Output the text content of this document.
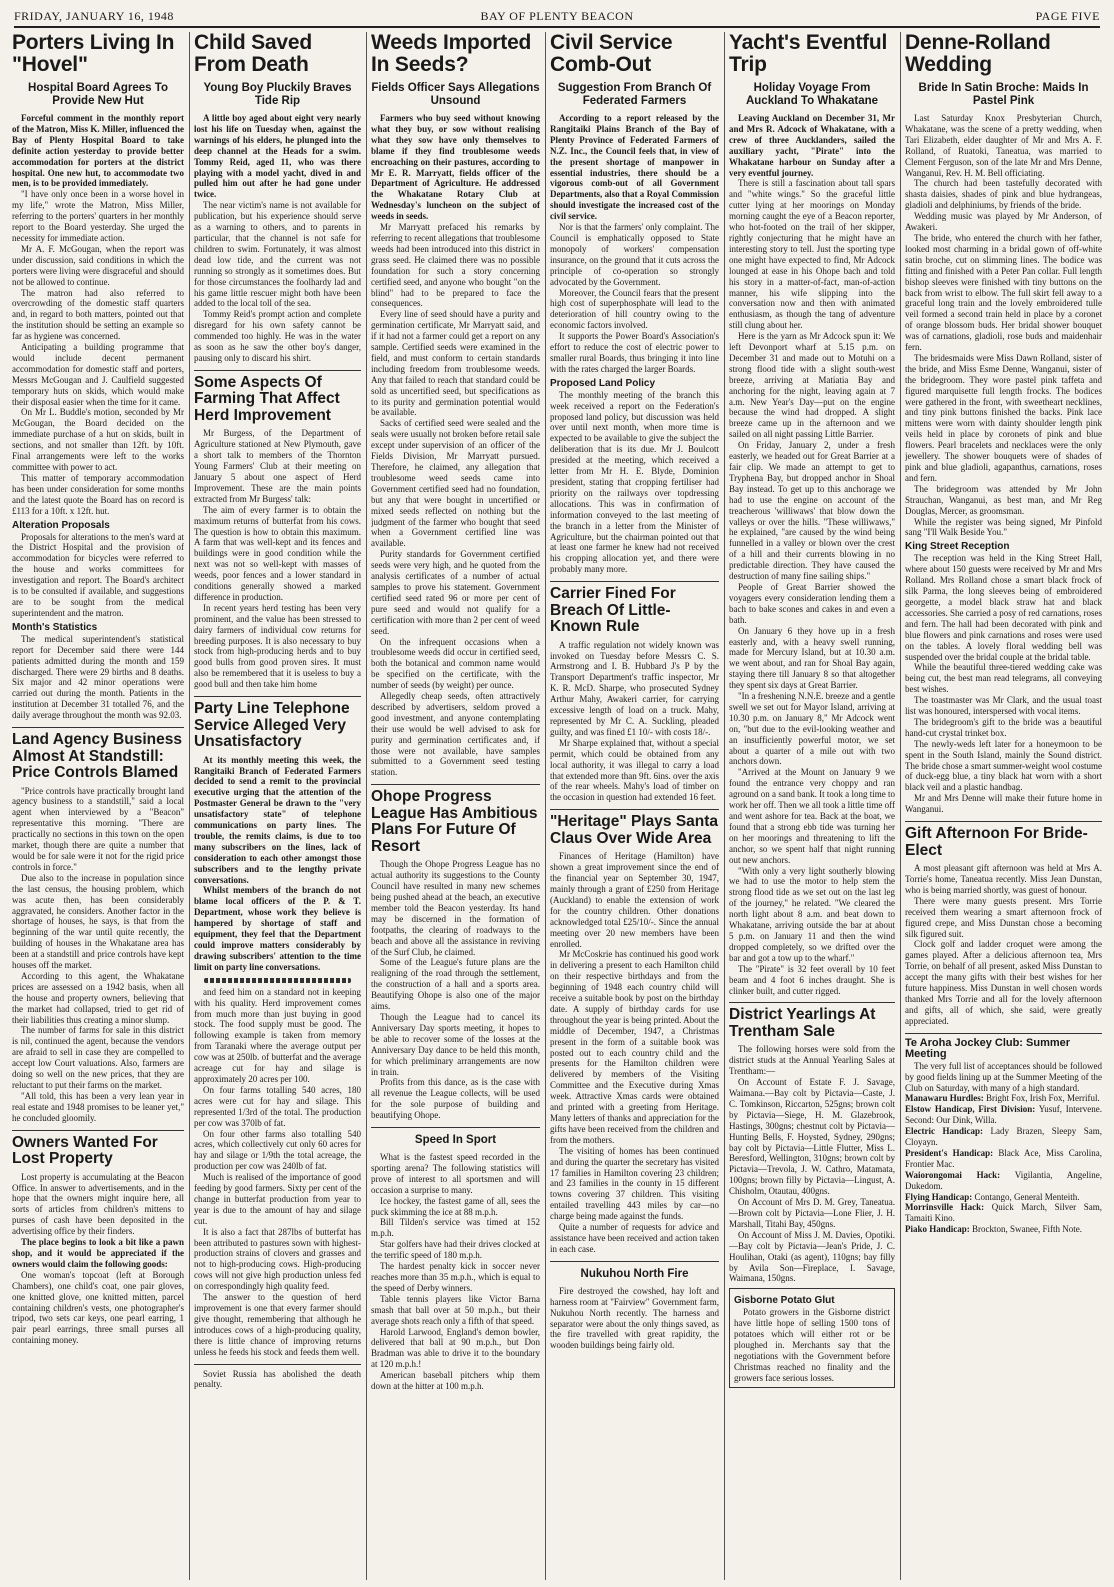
FRIDAY, JANUARY 16, 1948	BAY OF PLENTY BEACON	PAGE FIVE
Porters Living In "Hovel"
Hospital Board Agrees To Provide New Hut

Forceful comment in the monthly report of the Matron, Miss K. Miller, influenced the Bay of Plenty Hospital Board to take definite action yesterday to provide better accommodation for porters at the district hospital. One new hut, to accommodate two men, is to be provided immediately.

"I have only once been in a worse hovel in my life," wrote the Matron, Miss Miller, referring to the porters' quarters in her monthly report to the Board yesterday. She urged the necessity for immediate action.

Mr A. F. McGougan, when the report was under discussion, said conditions in which the porters were living were disgraceful and should not be allowed to continue.

The matron had also referred to overcrowding of the domestic staff quarters and, in regard to both matters, pointed out that the institution should be setting an example so far as hygiene was concerned.

Anticipating a building programme that would include decent permanent accommodation for domestic staff and porters, Messrs McGougan and J. Caulfield suggested temporary huts on skids, which would make their disposal easier when the time for it came.

On Mr L. Buddle's motion, seconded by Mr McGougan, the Board decided on the immediate purchase of a hut on skids, built in sections, and not smaller than 12ft. by 10ft. Final arrangements were left to the works committee with power to act.

This matter of temporary accommodation has been under consideration for some months and the latest quote the Board has on record is £113 for a 10ft. x 12ft. hut.

Alteration Proposals

Proposals for alterations to the men's ward at the District Hospital and the provision of accommodation for bicycles were referred to the house and works committees for investigation and report. The Board's architect is to be consulted if available, and suggestions are to be sought from the medical superintendent and the matron.

Month's Statistics

The medical superintendent's statistical report for December said there were 144 patients admitted during the month and 159 discharged. There were 29 births and 8 deaths. Six major and 42 minor operations were carried out during the month. Patients in the institution at December 31 totalled 76, and the daily average throughout the month was 92.03.

Land Agency Business Almost At Standstill: Price Controls Blamed

"Price controls have practically brought land agency business to a standstill," said a local agent when interviewed by a "Beacon" representative this morning. "There are practically no sections in this town on the open market, though there are quite a number that would be for sale were it not for the rigid price controls in force."

Due also to the increase in population since the last census, the housing problem, which was acute then, has been considerably aggravated, he considers. Another factor in the shortage of houses, he says, is that from the beginning of the war until quite recently, the building of houses in the Whakatane area has been at a standstill and price controls have kept houses off the market.

According to this agent, the Whakatane prices are assessed on a 1942 basis, when all the house and property owners, believing that the market had collapsed, tried to get rid of their liabilities thus creating a minor slump.

The number of farms for sale in this district is nil, continued the agent, because the vendors are afraid to sell in case they are compelled to accept low Court valuations. Also, farmers are doing so well on the new prices, that they are reluctant to put their farms on the market.

"All told, this has been a very lean year in real estate and 1948 promises to be leaner yet," he concluded gloomily.

Owners Wanted For Lost Property

Lost property is accumulating at the Beacon Office. In answer to advertisements, and in the hope that the owners might inquire here, all sorts of articles from children's mittens to purses of cash have been deposited in the advertising office by their finders.

The place begins to look a bit like a pawn shop, and it would be appreciated if the owners would claim the following goods:

One woman's topcoat (left at Borough Chambers), one child's coat, one pair gloves, one knitted glove, one knitted mitten, parcel containing children's vests, one photographer's tripod, two sets car keys, one pearl earring, 1 pair pearl earrings, three small purses all containing money.

Child Saved From Death
Young Boy Pluckily Braves Tide Rip

A little boy aged about eight very nearly lost his life on Tuesday when, against the warnings of his elders, he plunged into the deep channel at the Heads for a swim. Tommy Reid, aged 11, who was there playing with a model yacht, dived in and pulled him out after he had gone under twice.

The near victim's name is not available for publication, but his experience should serve as a warning to others, and to parents in particular, that the channel is not safe for children to swim. Fortunately, it was almost dead low tide, and the current was not running so strongly as it sometimes does. But for those circumstances the foolhardy lad and his game little rescuer might both have been added to the local toll of the sea.

Tommy Reid's prompt action and complete disregard for his own safety cannot be commended too highly. He was in the water as soon as he saw the other boy's danger, pausing only to discard his shirt.

Some Aspects Of Farming That Affect Herd Improvement

Mr Burgess, of the Department of Agriculture stationed at New Plymouth, gave a short talk to members of the Thornton Young Farmers' Club at their meeting on January 5 about one aspect of Herd Improvement. These are the main points extracted from Mr Burgess' talk:

The aim of every farmer is to obtain the maximum returns of butterfat from his cows. The question is how to obtain this maximum. A farm that was well-kept and its fences and buildings were in good condition while the next was not so well-kept with masses of weeds, poor fences and a lower standard in conditions generally showed a marked difference in production.

In recent years herd testing has been very prominent, and the value has been stressed to dairy farmers of individual cow returns for breeding purposes. It is also necessary to buy stock from high-producing herds and to buy good bulls from good proven sires. It must also be remembered that it is useless to buy a good bull and then take him home

Party Line Telephone Service Alleged Very Unsatisfactory

At its monthly meeting this week, the Rangitaiki Branch of Federated Farmers decided to send a remit to the provincial executive urging that the attention of the Postmaster General be drawn to the "very unsatisfactory state" of telephone communications on party lines. The trouble, the remits claims, is due to too many subscribers on the lines, lack of consideration to each other amongst those subscribers and to the lengthy private conversations.

Whilst members of the branch do not blame local officers of the P. & T. Department, whose work they believe is hampered by shortage of staff and equipment, they feel that the Department could improve matters considerably by drawing subscribers' attention to the time limit on party line conversations.

and feed him on a standard not in keeping with his quality. Herd improvement comes from much more than just buying in good stock. The food supply must be good. The following example is taken from memory from Taranaki where the average output per cow was at 250lb. of butterfat and the average acreage cut for hay and silage is approximately 20 acres per 100.

On four farms totalling 540 acres, 180 acres were cut for hay and silage. This represented 1/3rd of the total. The production per cow was 370lb of fat.

On four other farms also totalling 540 acres, which collectively cut only 60 acres for hay and silage or 1/9th the total acreage, the production per cow was 240lb of fat.

Much is realised of the importance of good feeding by good farmers. Sixty per cent of the change in butterfat production from year to year is due to the amount of hay and silage cut.

It is also a fact that 287lbs of butterfat has been attributed to pastures sown with highest-production strains of clovers and grasses and not to high-producing cows. High-producing cows will not give high production unless fed on correspondingly high quality feed.

The answer to the question of herd improvement is one that every farmer should give thought, remembering that although he introduces cows of a high-producing quality, there is little chance of improving returns unless he feeds his stock and feeds them well.

Soviet Russia has abolished the death penalty.

Weeds Imported In Seeds?
Fields Officer Says Allegations Unsound

Farmers who buy seed without knowing what they buy, or sow without realising what they sow have only themselves to blame if they find troublesome weeds encroaching on their pastures, according to Mr E. R. Marryatt, fields officer of the Department of Agriculture. He addressed the Whakatane Rotary Club at Wednesday's luncheon on the subject of weeds in seeds.

Mr Marryatt prefaced his remarks by referring to recent allegations that troublesome weeds had been introduced into this district in grass seed. He claimed there was no possible foundation for such a story concerning certified seed, and anyone who bought "on the blind" had to be prepared to face the consequences.

Every line of seed should have a purity and germination certificate, Mr Marryatt said, and if it had not a farmer could get a report on any sample. Certified seeds were examined in the field, and must conform to certain standards including freedom from troublesome weeds. Any that failed to reach that standard could be sold as uncertified seed, but specifications as to its purity and germination potential would be available.

Sacks of certified seed were sealed and the seals were usually not broken before retail sale except under supervision of an officer of the Fields Division, Mr Marryatt pursued. Therefore, he claimed, any allegation that troublesome weed seeds came into Government certified seed had no foundation, but any that were bought in uncertified or mixed seeds reflected on nothing but the judgment of the farmer who bought that seed when a Government certified line was available.

Purity standards for Government certified seeds were very high, and he quoted from the analysis certificates of a number of actual samples to prove his statement. Government certified seed rated 96 or more per cent of pure seed and would not qualify for a certification with more than 2 per cent of weed seed.

On the infrequent occasions when a troublesome weeds did occur in certified seed, both the botanical and common name would be specified on the certificate, with the number of seeds (by weight) per ounce.

Allegedly cheap seeds, often attractively described by advertisers, seldom proved a good investment, and anyone contemplating their use would be well advised to ask for purity and germination certificates and, if those were not available, have samples submitted to a Government seed testing station.

Ohope Progress League Has Ambitious Plans For Future Of Resort

Though the Ohope Progress League has no actual authority its suggestions to the County Council have resulted in many new schemes being pushed ahead at the beach, an executive member told the Beacon yesterday. Its hand may be discerned in the formation of footpaths, the clearing of roadways to the beach and above all the assistance in reviving of the Surf Club, he claimed.

Some of the League's future plans are the realigning of the road through the settlement, the construction of a hall and a sports area. Beautifying Ohope is also one of the major aims.

Though the League had to cancel its Anniversary Day sports meeting, it hopes to be able to recover some of the losses at the Anniversary Day dance to be held this month, for which preliminary arrangements are now in train.

Profits from this dance, as is the case with all revenue the League collects, will be used for the sole purpose of building and beautifying Ohope.

Speed In Sport

What is the fastest speed recorded in the sporting arena? The following statistics will prove of interest to all sportsmen and will occasion a surprise to many.

Ice hockey, the fastest game of all, sees the puck skimming the ice at 88 m.p.h.

Bill Tilden's service was timed at 152 m.p.h.

Star golfers have had their drives clocked at the terrific speed of 180 m.p.h.

The hardest penalty kick in soccer never reaches more than 35 m.p.h., which is equal to the speed of Derby winners.

Table tennis players like Victor Barna smash that ball over at 50 m.p.h., but their average shots reach only a fifth of that speed.

Harold Larwood, England's demon bowler, delivered that ball at 90 m.p.h., but Don Bradman was able to drive it to the boundary at 120 m.p.h.!

American baseball pitchers whip them down at the hitter at 100 m.p.h.

Civil Service Comb-Out
Suggestion From Branch Of Federated Farmers

According to a report released by the Rangitaiki Plains Branch of the Bay of Plenty Province of Federated Farmers of N.Z. Inc., the Council feels that, in view of the present shortage of manpower in essential industries, there should be a vigorous comb-out of all Government Departments, also that a Royal Commission should investigate the increased cost of the civil service.

Nor is that the farmers' only complaint. The Council is emphatically opposed to State monopoly of workers' compensation insurance, on the ground that it cuts across the principle of co-operation so strongly advocated by the Government.

Moreover, the Council fears that the present high cost of superphosphate will lead to the deterioration of hill country owing to the economic factors involved.

It supports the Power Board's Association's effort to reduce the cost of electric power to smaller rural Boards, thus bringing it into line with the rates charged the larger Boards.

Proposed Land Policy

The monthly meeting of the branch this week received a report on the Federation's proposed land policy, but discussion was held over until next month, when more time is expected to be available to give the subject the deliberation that is its due. Mr J. Boulcott presided at the meeting, which received a letter from Mr H. E. Blyde, Dominion president, stating that cropping fertiliser had priority on the railways over topdressing allocations. This was in confirmation of information conveyed to the last meeting of the branch in a letter from the Minister of Agriculture, but the chairman pointed out that at least one farmer he knew had not received his cropping allocation yet, and there were probably many more.

Carrier Fined For Breach Of Little-Known Rule

A traffic regulation not widely known was invoked on Tuesday before Messrs C. S. Armstrong and I. B. Hubbard J's P by the Transport Department's traffic inspector, Mr K. R. McD. Sharpe, who prosecuted Sydney Arthur Mahy, Awakeri carrier, for carrying excessive length of load on a truck. Mahy, represented by Mr C. A. Suckling, pleaded guilty, and was fined £1 10/- with costs 18/-.

Mr Sharpe explained that, without a special permit, which could be obtained from any local authority, it was illegal to carry a load that extended more than 9ft. 6ins. over the axis of the rear wheels. Mahy's load of timber on the occasion in question had extended 16 feet.

"Heritage" Plays Santa Claus Over Wide Area

Finances of Heritage (Hamilton) have shown a great improvement since the end of the financial year on September 30, 1947, mainly through a grant of £250 from Heritage (Auckland) to enable the extension of work for the country children. Other donations acknowledged total £25/10/-. Since the annual meeting over 20 new members have been enrolled.

Mr McCoskrie has continued his good work in delivering a present to each Hamilton child on their respective birthdays and from the beginning of 1948 each country child will receive a suitable book by post on the birthday date. A supply of birthday cards for use throughout the year is being printed. About the middle of December, 1947, a Christmas present in the form of a suitable book was posted out to each country child and the presents for the Hamilton children were delivered by members of the Visiting Committee and the Executive during Xmas week. Attractive Xmas cards were obtained and printed with a greeting from Heritage. Many letters of thanks and appreciation for the gifts have been received from the children and from the mothers.

The visiting of homes has been continued and during the quarter the secretary has visited 17 families in Hamilton covering 23 children; and 23 families in the county in 15 different towns covering 37 children. This visiting entailed travelling 443 miles by car—no charge being made against the funds.

Quite a number of requests for advice and assistance have been received and action taken in each case.

Nukuhou North Fire

Fire destroyed the cowshed, hay loft and harness room at "Fairview" Government farm, Nukuhou North recently. The harness and separator were about the only things saved, as the fire travelled with great rapidity, the wooden buildings being fairly old.

Yacht's Eventful Trip
Holiday Voyage From Auckland To Whakatane

Leaving Auckland on December 31, Mr and Mrs R. Adcock of Whakatane, with a crew of three Aucklanders, sailed the auxiliary yacht, "Pirate" into the Whakatane harbour on Sunday after a very eventful journey.

There is still a fascination about tall spars and "white wings." So the graceful little cutter lying at her moorings on Monday morning caught the eye of a Beacon reporter, who hot-footed on the trail of her skipper, rightly conjecturing that he might have an interesting story to tell. Just the sporting type one might have expected to find, Mr Adcock lounged at ease in his Ohope bach and told his story in a matter-of-fact, man-of-action manner, his wife slipping into the conversation now and then with animated enthusiasm, as though the tang of adventure still clung about her.

Here is the yarn as Mr Adcock spun it: We left Devonport wharf at 5.15 p.m. on December 31 and made out to Motuhi on a strong flood tide with a slight south-west breeze, arriving at Matiatia Bay and anchoring for the night, leaving again at 7 a.m. New Year's Day—put on the engine because the wind had dropped. A slight breeze came up in the afternoon and we sailed on all night passing Little Barrier.

On Friday, January 2, under a fresh easterly, we headed out for Great Barrier at a fair clip. We made an attempt to get to Tryphena Bay, but dropped anchor in Shoal Bay instead. To get up to this anchorage we had to use the engine on account of the treacherous 'williwaws' that blow down the valleys or over the hills. "These williwaws," he explained, "are caused by the wind being funnelled in a valley or blown over the crest of a hill and their currents blowing in no predictable direction. They have caused the destruction of many fine sailing ships."

People of Great Barrier showed the voyagers every consideration lending them a bach to bake scones and cakes in and even a bath.

On January 6 they hove up in a fresh easterly and, with a heavy swell running, made for Mercury Island, but at 10.30 a.m. we went about, and ran for Shoal Bay again, staying there till January 8 so that altogether they spent six days at Great Barrier.

"In a freshening N.N.E. breeze and a gentle swell we set out for Mayor Island, arriving at 10.30 p.m. on January 8," Mr Adcock went on, "but due to the evil-looking weather and an insufficiently powerful motor, we set about a quarter of a mile out with two anchors down.

"Arrived at the Mount on January 9 we found the entrance very choppy and ran aground on a sand bank. It took a long time to work her off. Then we all took a little time off and went ashore for tea. Back at the boat, we found that a strong ebb tide was turning her on her moorings and threatening to lift the anchor, so we spent half that night running out new anchors.

"With only a very light southerly blowing we had to use the motor to help stem the strong flood tide as we set out on the last leg of the journey," he related. "We cleared the north light about 8 a.m. and beat down to Whakatane, arriving outside the bar at about 5 p.m. on January 11 and then the wind dropped completely, so we drifted over the bar and got a tow up to the wharf."

The "Pirate" is 32 feet overall by 10 feet beam and 4 foot 6 inches draught. She is clinker built, and cutter rigged.

District Yearlings At Trentham Sale

The following horses were sold from the district studs at the Annual Yearling Sales at Trentham:—

On Account of Estate F. J. Savage, Waimana.—Bay colt by Pictavia—Caste, J. C. Tomkinson, Riccarton, 525gns; brown colt by Pictavia—Siege, H. M. Glazebrook, Hastings, 300gns; chestnut colt by Pictavia—Hunting Bells, F. Hoysted, Sydney, 290gns; bay colt by Pictavia—Little Flutter, Miss L. Beresford, Wellington, 310gns; brown colt by Pictavia—Trevola, J. W. Cathro, Matamata, 100gns; brown filly by Pictavia—Lingust, A. Chisholm, Otautau, 400gns.

On Account of Mrs D. M. Grey, Taneatua.—Brown colt by Pictavia—Lone Flier, J. H. Marshall, Titahi Bay, 450gns.

On Account of Miss J. M. Davies, Opotiki.—Bay colt by Pictavia—Jean's Pride, J. C. Houlihan, Otaki (as agent), 110gns; bay filly by Avila Son—Fireplace, I. Savage, Waimana, 150gns.

Gisborne Potato Glut

Potato growers in the Gisborne district have little hope of selling 1500 tons of potatoes which will either rot or be ploughed in. Merchants say that the negotiations with the Government before Christmas reached no finality and the growers face serious losses.

Denne-Rolland Wedding
Bride In Satin Broche: Maids In Pastel Pink

Last Saturday Knox Presbyterian Church, Whakatane, was the scene of a pretty wedding, when Tari Elizabeth, elder daughter of Mr and Mrs A. F. Rolland, of Ruatoki, Taneatua, was married to Clement Ferguson, son of the late Mr and Mrs Denne, Wanganui, Rev. H. M. Bell officiating.

The church had been tastefully decorated with shasta daisies, shades of pink and blue hydrangeas, gladioli and delphiniums, by friends of the bride.

Wedding music was played by Mr Anderson, of Awakeri.

The bride, who entered the church with her father, looked most charming in a bridal gown of off-white satin broche, cut on slimming lines. The bodice was fitting and finished with a Peter Pan collar. Full length bishop sleeves were finished with tiny buttons on the back from wrist to elbow. The full skirt fell away to a graceful long train and the lovely embroidered tulle veil formed a second train held in place by a coronet of orange blossom buds. Her bridal shower bouquet was of carnations, gladioli, rose buds and maidenhair fern.

The bridesmaids were Miss Dawn Rolland, sister of the bride, and Miss Esme Denne, Wanganui, sister of the bridegroom. They wore pastel pink taffeta and figured marquisette full length frocks. The bodices were gathered in the front, with sweetheart necklines, and tiny pink buttons finished the backs. Pink lace mittens were worn with dainty shoulder length pink veils held in place by coronets of pink and blue flowers. Pearl bracelets and necklaces were the only jewellery. The shower bouquets were of shades of pink and blue gladioli, agapanthus, carnations, roses and fern.

The bridegroom was attended by Mr John Strauchan, Wanganui, as best man, and Mr Reg Douglas, Mercer, as groomsman.

While the register was being signed, Mr Pinfold sang "I'll Walk Beside You."

King Street Reception

The reception was held in the King Street Hall, where about 150 guests were received by Mr and Mrs Rolland. Mrs Rolland chose a smart black frock of silk Parma, the long sleeves being of embroidered georgette, a model black straw hat and black accessories. She carried a posy of red carnations, roses and fern. The hall had been decorated with pink and blue flowers and pink carnations and roses were used on the tables. A lovely floral wedding bell was suspended over the bridal couple at the bridal table.

While the beautiful three-tiered wedding cake was being cut, the best man read telegrams, all conveying best wishes.

The toastmaster was Mr Clark, and the usual toast list was honoured, interspersed with vocal items.

The bridegroom's gift to the bride was a beautiful hand-cut crystal trinket box.

The newly-weds left later for a honeymoon to be spent in the South Island, mainly the Sound district. The bride chose a smart summer-weight wool costume of duck-egg blue, a tiny black hat worn with a short black veil and a plastic handbag.

Mr and Mrs Denne will make their future home in Wanganui.

Gift Afternoon For Bride-Elect

A most pleasant gift afternoon was held at Mrs A. Torrie's home, Taneatua recently. Miss Jean Dunstan, who is being married shortly, was guest of honour.

There were many guests present. Mrs Torrie received them wearing a smart afternoon frock of figured crepe, and Miss Dunstan chose a becoming silk figured suit.

Clock golf and ladder croquet were among the games played. After a delicious afternoon tea, Mrs Torrie, on behalf of all present, asked Miss Dunstan to accept the many gifts with their best wishes for her future happiness. Miss Dunstan in well chosen words thanked Mrs Torrie and all for the lovely afternoon and gifts, all of which, she said, were greatly appreciated.

Te Aroha Jockey Club: Summer Meeting

The very full list of acceptances should be followed by good fields lining up at the Summer Meeting of the Club on Saturday, with many of a high standard.

Manawaru Hurdles: Bright Fox, Irish Fox, Merriful.
Elstow Handicap, First Division: Yusuf, Intervene. Second: Our Dink, Willa.
Electric Handicap: Lady Brazen, Sleepy Sam, Cloyayn.
President's Handicap: Black Ace, Miss Carolina, Frontier Mac.
Waiorongomai Hack: Vigilantia, Angeline, Dukedom.
Flying Handicap: Contango, General Menteith.
Morrinsville Hack: Quick March, Silver Sam, Tamaiti Kino.
Piako Handicap: Brockton, Swanee, Fifth Note.
